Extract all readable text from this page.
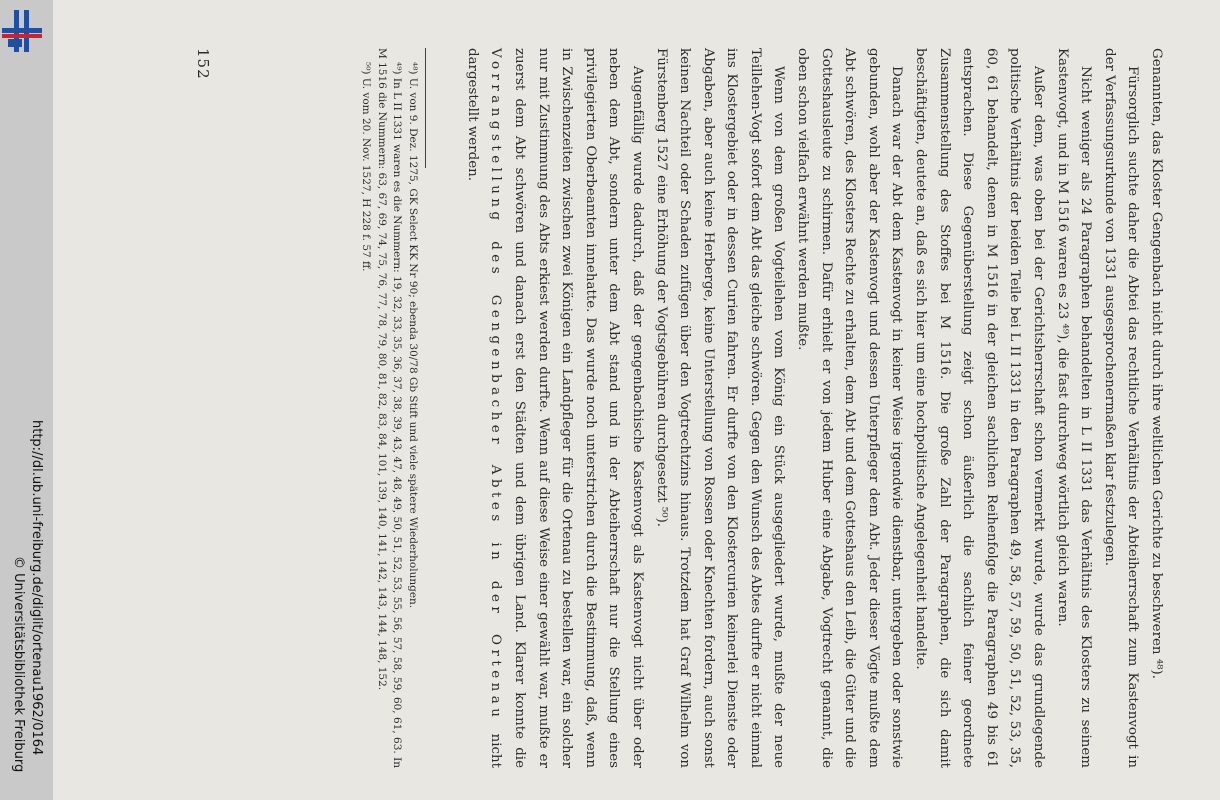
http://dl.ub.uni-freiburg.de/diglit/ortenau1962/0164
© Universitätsbibliothek Freiburg	Genannten, das Kloster Gengenbach nicht durch ihre weltlichen Gerichte zu beschweren ⁴⁸).

Fürsorglich suchte daher die Abtei das rechtliche Verhältnis der Abteiherrschaft zum Kastenvogt in der Verfassungsurkunde von 1331 ausgesprochenermaßen klar festzulegen.

Nicht weniger als 24 Paragraphen behandelten in L II 1331 das Verhältnis des Klosters zu seinem Kastenvogt, und in M 1516 waren es 23 ⁴⁹), die fast durchweg wörtlich gleich waren.

Außer dem, was oben bei der Gerichtsherrschaft schon vermerkt wurde, wurde das grundlegende politische Verhältnis der beiden Teile bei L II 1331 in den Paragraphen 49, 58, 57, 59, 50, 51, 52, 53, 35, 60, 61 behandelt, denen in M 1516 in der gleichen sachlichen Reihenfolge die Paragraphen 49 bis 61 entsprachen. Diese Gegenüberstellung zeigt schon äußerlich die sachlich feiner geordnete Zusammenstellung des Stoffes bei M 1516. Die große Zahl der Paragraphen, die sich damit beschäftigten, deutete an, daß es sich hier um eine hochpolitische Angelegenheit handelte.

Danach war der Abt dem Kastenvogt in keiner Weise irgendwie dienstbar, untergeben oder sonstwie gebunden, wohl aber der Kastenvogt und dessen Unterpfleger dem Abt. Jeder dieser Vögte mußte dem Abt schwören, des Klosters Rechte zu erhalten, dem Abt und dem Gotteshaus den Leib, die Güter und die Gotteshausleute zu schirmen. Dafür erhielt er von jedem Huber eine Abgabe, Vogtrecht genannt, die oben schon vielfach erwähnt werden mußte.

Wenn von dem großen Vogteilehen vom König ein Stück ausgegliedert wurde, mußte der neue Teillehen-Vogt sofort dem Abt das gleiche schwören. Gegen den Wunsch des Abtes durfte er nicht einmal ins Klostergebiet oder in dessen Curien fahren. Er durfte von den Klostercurien keinerlei Dienste oder Abgaben, aber auch keine Herberge, keine Unterstellung von Rossen oder Knechten fordern, auch sonst keinen Nachteil oder Schaden zufügen über den Vogtrechtzins hinaus. Trotzdem hat Graf Wilhelm von Fürstenberg 1527 eine Erhöhung der Vogtsgebühren durchgesetzt ⁵⁰).

Augenfällig wurde dadurch, daß der gengenbachische Kastenvogt als Kastenvogt nicht über oder neben dem Abt, sondern unter dem Abt stand und in der Abteiherrschaft nur die Stellung eines privilegierten Oberbeamten innehatte. Das wurde noch unterstrichen durch die Bestimmung, daß, wenn in Zwischenzeiten zwischen zwei Königen ein Landpfleger für die Ortenau zu bestellen war, ein solcher nur mit Zustimmung des Abts erkiest werden durfte. Wenn auf diese Weise einer gewählt war, mußte er zuerst dem Abt schwören und danach erst den Städten und dem übrigen Land. Klarer konnte die Vorrangstellung des Gengenbacher Abtes in der Ortenau nicht dargestellt werden.

⁴⁸) U. von 9. Dez. 1275, GK Select KK Nr 90; ebenda 30/78 Gb Stift und viele spätere Wiederholungen.

⁴⁹) In L II 1331 waren es die Nummern: 19, 32, 33, 35, 36, 37, 38, 39, 43, 47, 48, 49, 50, 51, 52, 53, 55, 56, 57, 58, 59, 60, 61, 63. In M 1516 die Nummern: 63, 67, 69, 74, 75, 76, 77, 78, 79, 80, 81, 82, 83, 84, 101, 139, 140, 141, 142, 143, 144, 148, 152.

⁵⁰) U. vom 20. Nov. 1527, H 228 f. 57 ff.

152
